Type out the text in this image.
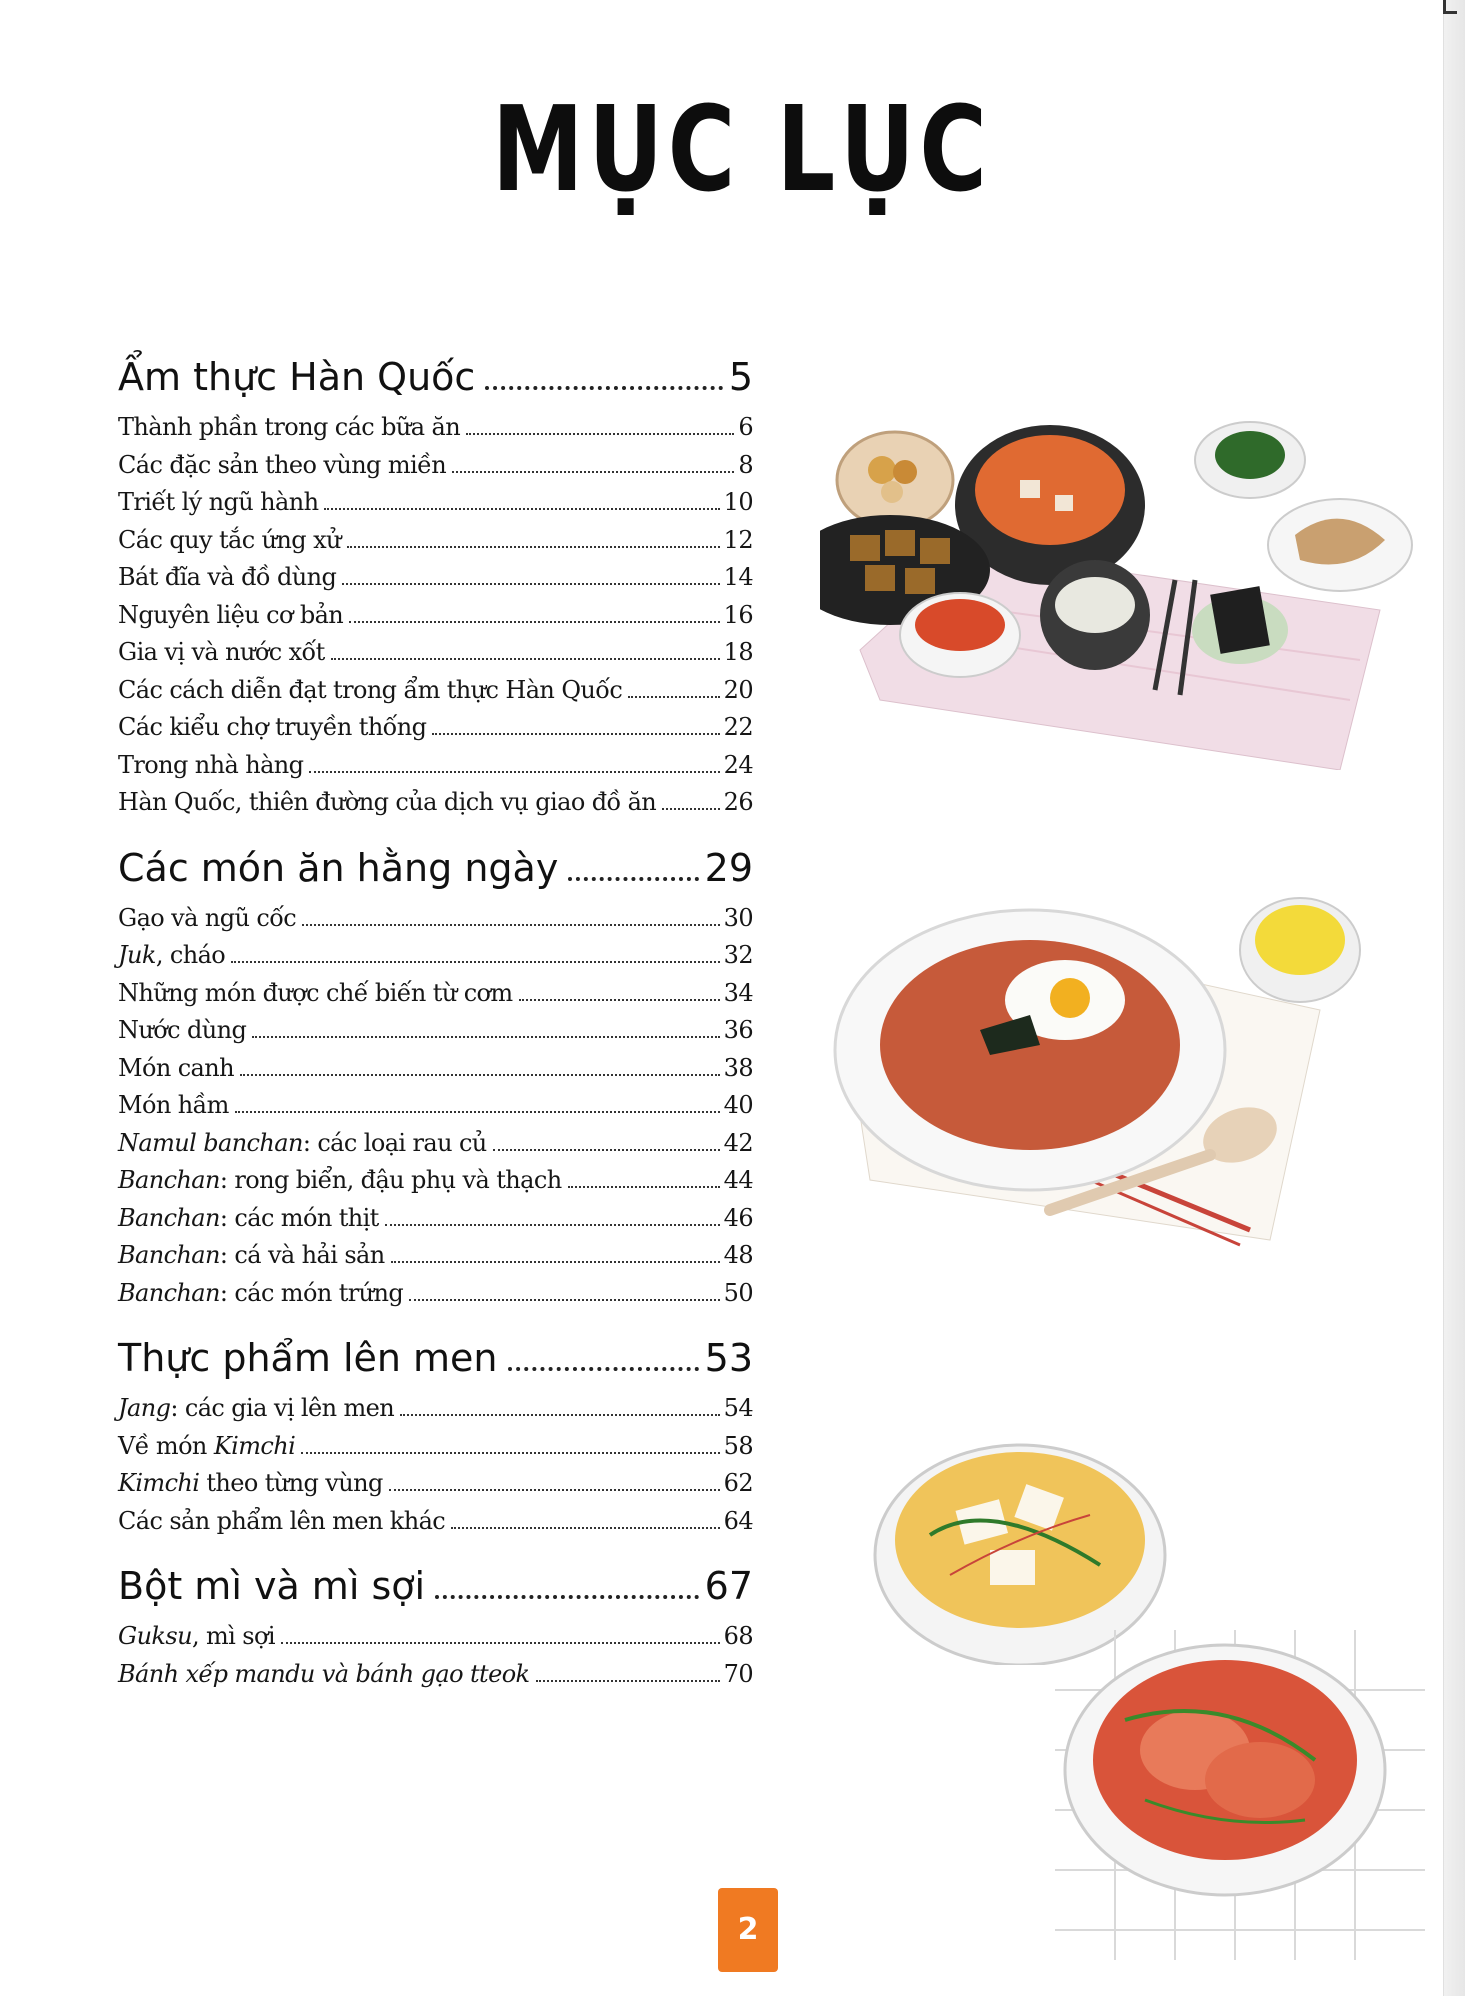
MỤC LỤC
Ẩm thực Hàn Quốc	5
Thành phần trong các bữa ăn	6
Các đặc sản theo vùng miền	8
Triết lý ngũ hành	10
Các quy tắc ứng xử	12
Bát đĩa và đồ dùng	14
Nguyên liệu cơ bản	16
Gia vị và nước xốt	18
Các cách diễn đạt trong ẩm thực Hàn Quốc	20
Các kiểu chợ truyền thống	22
Trong nhà hàng	24
Hàn Quốc, thiên đường của dịch vụ giao đồ ăn	26
Các món ăn hằng ngày	29
Gạo và ngũ cốc	30
Juk, cháo	32
Những món được chế biến từ cơm	34
Nước dùng	36
Món canh	38
Món hầm	40
Namul banchan: các loại rau củ	42
Banchan: rong biển, đậu phụ và thạch	44
Banchan: các món thịt	46
Banchan: cá và hải sản	48
Banchan: các món trứng	50
Thực phẩm lên men	53
Jang: các gia vị lên men	54
Về món Kimchi	58
Kimchi theo từng vùng	62
Các sản phẩm lên men khác	64
Bột mì và mì sợi	67
Guksu, mì sợi	68
Bánh xếp mandu và bánh gạo tteok	70
2
